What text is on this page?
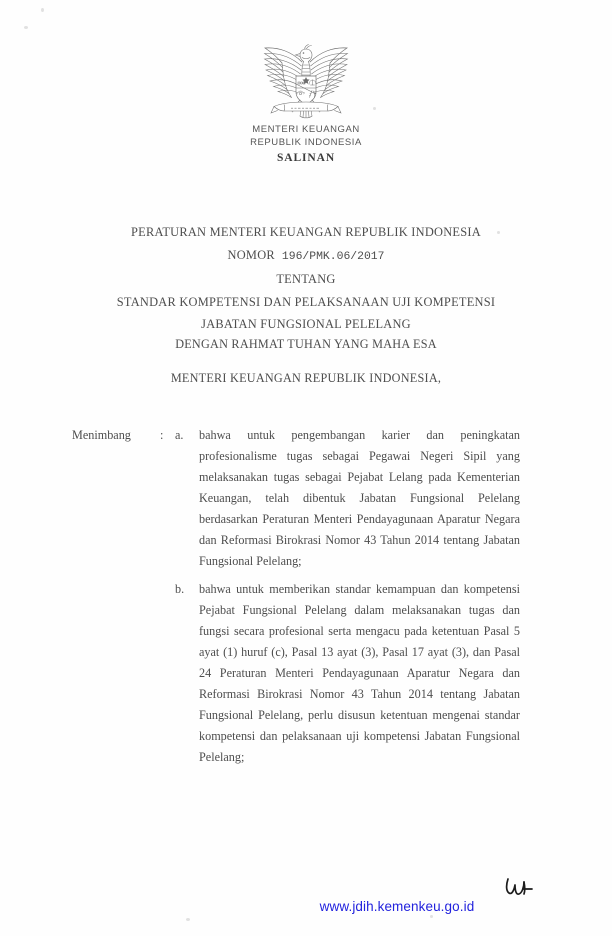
MENTERI KEUANGAN
REPUBLIK INDONESIA
SALINAN
PERATURAN MENTERI KEUANGAN REPUBLIK INDONESIA
NOMOR 196/PMK.06/2017
TENTANG
STANDAR KOMPETENSI DAN PELAKSANAAN UJI KOMPETENSI
JABATAN FUNGSIONAL PELELANG
DENGAN RAHMAT TUHAN YANG MAHA ESA
MENTERI KEUANGAN REPUBLIK INDONESIA,
Menimbang	: a.	bahwa untuk pengembangan karier dan peningkatan profesionalisme tugas sebagai Pegawai Negeri Sipil yang melaksanakan tugas sebagai Pejabat Lelang pada Kementerian Keuangan, telah dibentuk Jabatan Fungsional Pelelang berdasarkan Peraturan Menteri Pendayagunaan Aparatur Negara dan Reformasi Birokrasi Nomor 43 Tahun 2014 tentang Jabatan Fungsional Pelelang;
b.	bahwa untuk memberikan standar kemampuan dan kompetensi Pejabat Fungsional Pelelang dalam melaksanakan tugas dan fungsi secara profesional serta mengacu pada ketentuan Pasal 5 ayat (1) huruf (c), Pasal 13 ayat (3), Pasal 17 ayat (3), dan Pasal 24 Peraturan Menteri Pendayagunaan Aparatur Negara dan Reformasi Birokrasi Nomor 43 Tahun 2014 tentang Jabatan Fungsional Pelelang, perlu disusun ketentuan mengenai standar kompetensi dan pelaksanaan uji kompetensi Jabatan Fungsional Pelelang;
www.jdih.kemenkeu.go.id
